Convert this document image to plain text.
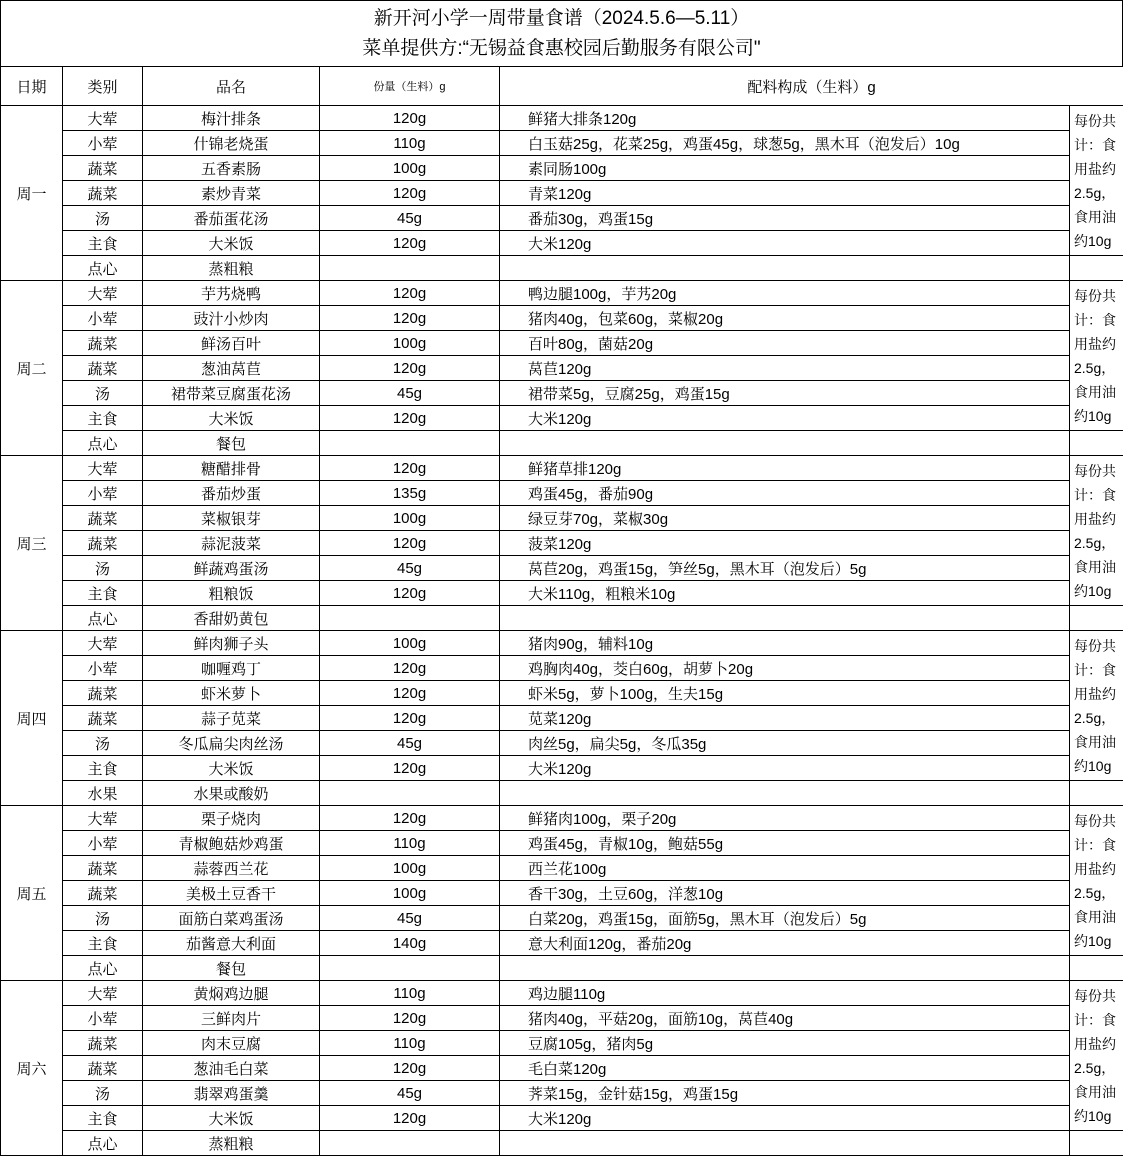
新开河小学一周带量食谱（2024.5.6—5.11）
菜单提供方:“无锡益食惠校园后勤服务有限公司"
日期	类别	品名	份量（生料）g	配料构成（生料）g	
周一	大荤	梅汁排条	120g	鲜猪大排条120g	每份共计：食用盐约2.5g，食用油约10g
	小荤	什锦老烧蛋	110g	白玉菇25g，花菜25g，鸡蛋45g，球葱5g，黑木耳（泡发后）10g	
	蔬菜	五香素肠	100g	素同肠100g	
	蔬菜	素炒青菜	120g	青菜120g	
	汤	番茄蛋花汤	45g	番茄30g，鸡蛋15g	
	主食	大米饭	120g	大米120g	
	点心	蒸粗粮			
周二	大荤	芋艿烧鸭	120g	鸭边腿100g，芋艿20g	每份共计：食用盐约2.5g，食用油约10g
	小荤	豉汁小炒肉	120g	猪肉40g，包菜60g，菜椒20g	
	蔬菜	鲜汤百叶	100g	百叶80g，菌菇20g	
	蔬菜	葱油莴苣	120g	莴苣120g	
	汤	裙带菜豆腐蛋花汤	45g	裙带菜5g，豆腐25g，鸡蛋15g	
	主食	大米饭	120g	大米120g	
	点心	餐包			
周三	大荤	糖醋排骨	120g	鲜猪草排120g	每份共计：食用盐约2.5g，食用油约10g
	小荤	番茄炒蛋	135g	鸡蛋45g，番茄90g	
	蔬菜	菜椒银芽	100g	绿豆芽70g，菜椒30g	
	蔬菜	蒜泥菠菜	120g	菠菜120g	
	汤	鲜蔬鸡蛋汤	45g	莴苣20g，鸡蛋15g，笋丝5g，黑木耳（泡发后）5g	
	主食	粗粮饭	120g	大米110g，粗粮米10g	
	点心	香甜奶黄包			
周四	大荤	鲜肉狮子头	100g	猪肉90g，辅料10g	每份共计：食用盐约2.5g，食用油约10g
	小荤	咖喱鸡丁	120g	鸡胸肉40g，茭白60g，胡萝卜20g	
	蔬菜	虾米萝卜	120g	虾米5g，萝卜100g，生夫15g	
	蔬菜	蒜子苋菜	120g	苋菜120g	
	汤	冬瓜扁尖肉丝汤	45g	肉丝5g，扁尖5g，冬瓜35g	
	主食	大米饭	120g	大米120g	
	水果	水果或酸奶			
周五	大荤	栗子烧肉	120g	鲜猪肉100g，栗子20g	每份共计：食用盐约2.5g，食用油约10g
	小荤	青椒鲍菇炒鸡蛋	110g	鸡蛋45g，青椒10g，鲍菇55g	
	蔬菜	蒜蓉西兰花	100g	西兰花100g	
	蔬菜	美极土豆香干	100g	香干30g，土豆60g，洋葱10g	
	汤	面筋白菜鸡蛋汤	45g	白菜20g，鸡蛋15g，面筋5g，黑木耳（泡发后）5g	
	主食	茄酱意大利面	140g	意大利面120g，番茄20g	
	点心	餐包			
周六	大荤	黄焖鸡边腿	110g	鸡边腿110g	每份共计：食用盐约2.5g，食用油约10g
	小荤	三鲜肉片	120g	猪肉40g，平菇20g，面筋10g，莴苣40g	
	蔬菜	肉末豆腐	110g	豆腐105g，猪肉5g	
	蔬菜	葱油毛白菜	120g	毛白菜120g	
	汤	翡翠鸡蛋羹	45g	荠菜15g，金针菇15g，鸡蛋15g	
	主食	大米饭	120g	大米120g	
	点心	蒸粗粮			
